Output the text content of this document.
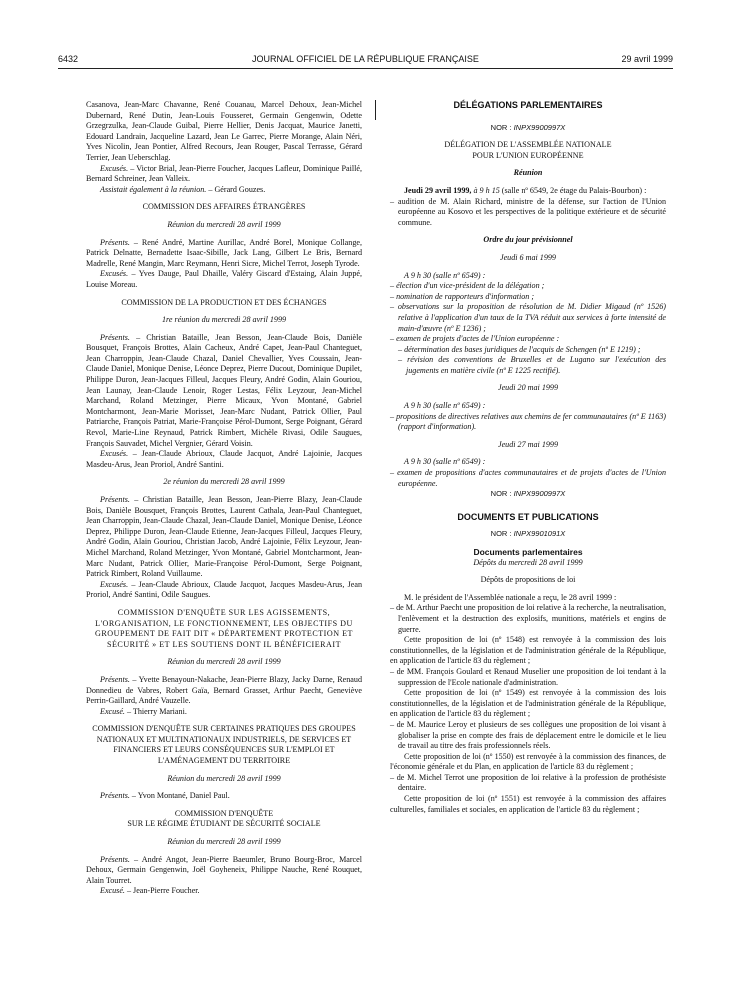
6432	JOURNAL OFFICIEL DE LA RÉPUBLIQUE FRANÇAISE	29 avril 1999

Casanova, Jean-Marc Chavanne, René Couanau, Marcel Dehoux, Jean-Michel Dubernard, René Dutin, Jean-Louis Fousseret, Germain Gengenwin, Odette Grzegrzulka, Jean-Claude Guibal, Pierre Hellier, Denis Jacquat, Maurice Janetti, Edouard Landrain, Jacqueline Lazard, Jean Le Garrec, Pierre Morange, Alain Néri, Yves Nicolin, Jean Pontier, Alfred Recours, Jean Rouger, Pascal Terrasse, Gérard Terrier, Jean Ueberschlag.

Excusés. – Victor Brial, Jean-Pierre Foucher, Jacques Lafleur, Dominique Paillé, Bernard Schreiner, Jean Valleix.

Assistait également à la réunion. – Gérard Gouzes.

COMMISSION DES AFFAIRES ÉTRANGÈRES

Réunion du mercredi 28 avril 1999

Présents. – René André, Martine Aurillac, André Borel, Monique Collange, Patrick Delnatte, Bernadette Isaac-Sibille, Jack Lang, Gilbert Le Bris, Bernard Madrelle, René Mangin, Marc Reymann, Henri Sicre, Michel Terrot, Joseph Tyrode.

Excusés. – Yves Dauge, Paul Dhaille, Valéry Giscard d'Estaing, Alain Juppé, Louise Moreau.

COMMISSION DE LA PRODUCTION ET DES ÉCHANGES

1re réunion du mercredi 28 avril 1999

Présents. – Christian Bataille, Jean Besson, Jean-Claude Bois, Danièle Bousquet, François Brottes, Alain Cacheux, André Capet, Jean-Paul Chanteguet, Jean Charroppin, Jean-Claude Chazal, Daniel Chevallier, Yves Coussain, Jean-Claude Daniel, Monique Denise, Léonce Deprez, Pierre Ducout, Dominique Dupilet, Philippe Duron, Jean-Jacques Filleul, Jacques Fleury, André Godin, Alain Gouriou, Jean Launay, Jean-Claude Lenoir, Roger Lestas, Félix Leyzour, Jean-Michel Marchand, Roland Metzinger, Pierre Micaux, Yvon Montané, Gabriel Montcharmont, Jean-Marie Morisset, Jean-Marc Nudant, Patrick Ollier, Paul Patriarche, François Patriat, Marie-Françoise Pérol-Dumont, Serge Poignant, Gérard Revol, Marie-Line Reynaud, Patrick Rimbert, Michèle Rivasi, Odile Saugues, François Sauvadet, Michel Vergnier, Gérard Voisin.

Excusés. – Jean-Claude Abrioux, Claude Jacquot, André Lajoinie, Jacques Masdeu-Arus, Jean Proriol, André Santini.

2e réunion du mercredi 28 avril 1999

Présents. – Christian Bataille, Jean Besson, Jean-Pierre Blazy, Jean-Claude Bois, Danièle Bousquet, François Brottes, Laurent Cathala, Jean-Paul Chanteguet, Jean Charroppin, Jean-Claude Chazal, Jean-Claude Daniel, Monique Denise, Léonce Deprez, Philippe Duron, Jean-Claude Etienne, Jean-Jacques Filleul, Jacques Fleury, André Godin, Alain Gouriou, Christian Jacob, André Lajoinie, Félix Leyzour, Jean-Michel Marchand, Roland Metzinger, Yvon Montané, Gabriel Montcharmont, Jean-Marc Nudant, Patrick Ollier, Marie-Françoise Pérol-Dumont, Serge Poignant, Patrick Rimbert, Roland Vuillaume.

Excusés. – Jean-Claude Abrioux, Claude Jacquot, Jacques Masdeu-Arus, Jean Proriol, André Santini, Odile Saugues.

COMMISSION D'ENQUÊTE SUR LES AGISSEMENTS, L'ORGANISATION, LE FONCTIONNEMENT, LES OBJECTIFS DU GROUPEMENT DE FAIT DIT « DÉPARTEMENT PROTECTION ET SÉCURITÉ » ET LES SOUTIENS DONT IL BÉNÉFICIERAIT

Réunion du mercredi 28 avril 1999

Présents. – Yvette Benayoun-Nakache, Jean-Pierre Blazy, Jacky Darne, Renaud Donnedieu de Vabres, Robert Gaïa, Bernard Grasset, Arthur Paecht, Geneviève Perrin-Gaillard, André Vauzelle.

Excusé. – Thierry Mariani.

COMMISSION D'ENQUÊTE SUR CERTAINES PRATIQUES DES GROUPES NATIONAUX ET MULTINATIONAUX INDUSTRIELS, DE SERVICES ET FINANCIERS ET LEURS CONSÉQUENCES SUR L'EMPLOI ET L'AMÉNAGEMENT DU TERRITOIRE

Réunion du mercredi 28 avril 1999

Présents. – Yvon Montané, Daniel Paul.

COMMISSION D'ENQUÊTE

SUR LE RÉGIME ÉTUDIANT DE SÉCURITÉ SOCIALE

Réunion du mercredi 28 avril 1999

Présents. – André Angot, Jean-Pierre Baeumler, Bruno Bourg-Broc, Marcel Dehoux, Germain Gengenwin, Joël Goyheneix, Philippe Nauche, René Rouquet, Alain Tourret.

Excusé. – Jean-Pierre Foucher.

DÉLÉGATIONS PARLEMENTAIRES

NOR : INPX9900997X

DÉLÉGATION DE L'ASSEMBLÉE NATIONALE

POUR L'UNION EUROPÉENNE

Réunion

Jeudi 29 avril 1999, à 9 h 15 (salle nº 6549, 2e étage du Palais-Bourbon) :

– audition de M. Alain Richard, ministre de la défense, sur l'action de l'Union européenne au Kosovo et les perspectives de la politique extérieure et de sécurité commune.

Ordre du jour prévisionnel

Jeudi 6 mai 1999

A 9 h 30 (salle nº 6549) :

– élection d'un vice-président de la délégation ;

– nomination de rapporteurs d'information ;

– observations sur la proposition de résolution de M. Didier Migaud (nº 1526) relative à l'application d'un taux de la TVA réduit aux services à forte intensité de main-d'œuvre (nº E 1236) ;

– examen de projets d'actes de l'Union européenne :

– détermination des bases juridiques de l'acquis de Schengen (nº E 1219) ;

– révision des conventions de Bruxelles et de Lugano sur l'exécution des jugements en matière civile (nº E 1225 rectifié).

Jeudi 20 mai 1999

A 9 h 30 (salle nº 6549) :

– propositions de directives relatives aux chemins de fer communautaires (nº E 1163) (rapport d'information).

Jeudi 27 mai 1999

A 9 h 30 (salle nº 6549) :

– examen de propositions d'actes communautaires et de projets d'actes de l'Union européenne.

NOR : INPX9900997X

DOCUMENTS ET PUBLICATIONS

NOR : INPX9901091X

Documents parlementaires

Dépôts du mercredi 28 avril 1999

Dépôts de propositions de loi

M. le président de l'Assemblée nationale a reçu, le 28 avril 1999 :

– de M. Arthur Paecht une proposition de loi relative à la recherche, la neutralisation, l'enlèvement et la destruction des explosifs, munitions, matériels et engins de guerre.

Cette proposition de loi (nº 1548) est renvoyée à la commission des lois constitutionnelles, de la législation et de l'administration générale de la République, en application de l'article 83 du règlement ;

– de MM. François Goulard et Renaud Muselier une proposition de loi tendant à la suppression de l'Ecole nationale d'administration.

Cette proposition de loi (nº 1549) est renvoyée à la commission des lois constitutionnelles, de la législation et de l'administration générale de la République, en application de l'article 83 du règlement ;

– de M. Maurice Leroy et plusieurs de ses collègues une proposition de loi visant à globaliser la prise en compte des frais de déplacement entre le domicile et le lieu de travail au titre des frais professionnels réels.

Cette proposition de loi (nº 1550) est renvoyée à la commission des finances, de l'économie générale et du Plan, en application de l'article 83 du règlement ;

– de M. Michel Terrot une proposition de loi relative à la profession de prothésiste dentaire.

Cette proposition de loi (nº 1551) est renvoyée à la commission des affaires culturelles, familiales et sociales, en application de l'article 83 du règlement ;
